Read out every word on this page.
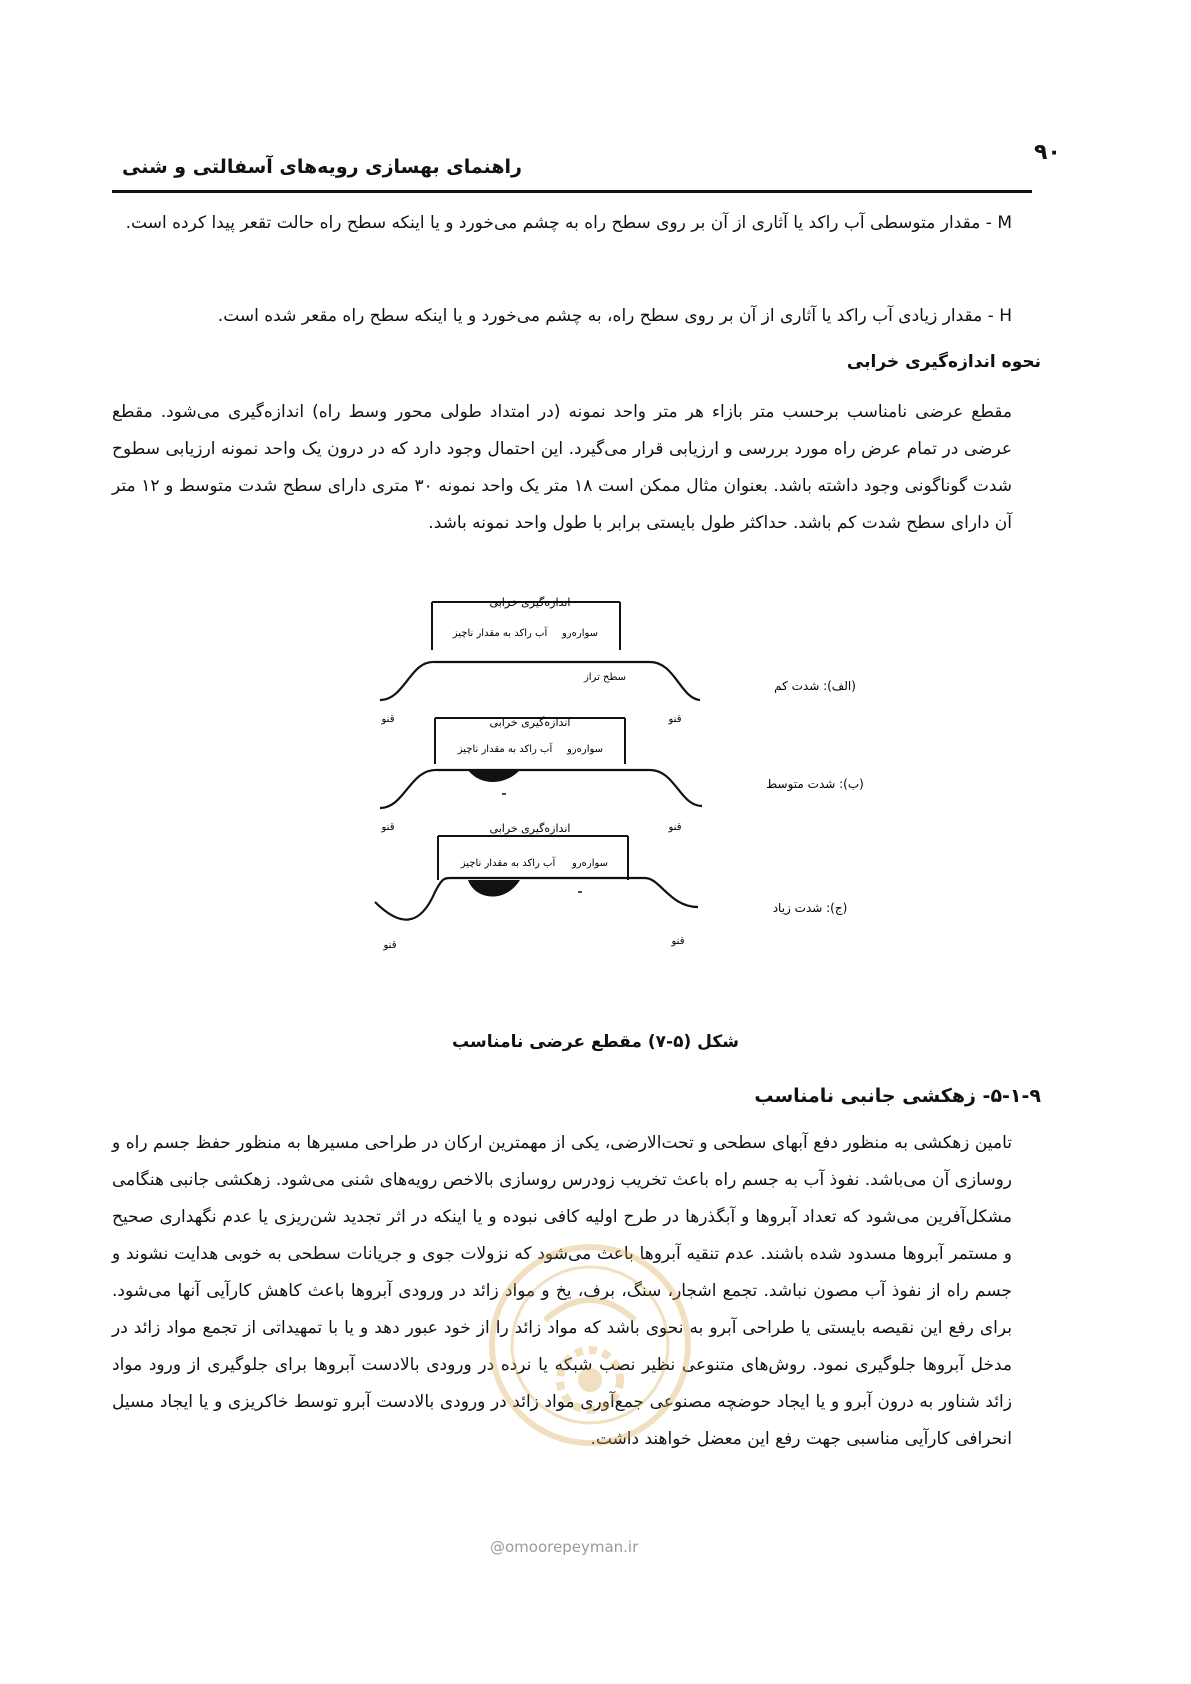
۹۰
راهنمای بهسازی رویه‌های آسفالتی و شنی
M - مقدار متوسطی آب راکد یا آثاری از آن بر روی سطح راه به چشم می‌خورد و یا اینکه سطح راه حالت تقعر پیدا کرده است.
H - مقدار زیادی آب راکد یا آثاری از آن بر روی سطح راه، به چشم می‌خورد و یا اینکه سطح راه مقعر شده است.
نحوه اندازه‌گیری خرابی
مقطع عرضی نامناسب برحسب متر بازاء هر متر واحد نمونه (در امتداد طولی محور وسط راه) اندازه‌گیری می‌شود. مقطع عرضی در تمام عرض راه مورد بررسی و ارزیابی قرار می‌گیرد. این احتمال وجود دارد که در درون یک واحد نمونه ارزیابی سطوح شدت گوناگونی وجود داشته باشد. بعنوان مثال ممکن است ۱۸ متر یک واحد نمونه ۳۰ متری دارای سطح شدت متوسط و ۱۲ متر آن دارای سطح شدت کم باشد. حداکثر طول بایستی برابر با طول واحد نمونه باشد.
اندازه‌گیری خرابی
سواره‌رو
آب راکد به مقدار ناچیز
سطح تراز
قنو	قنو
(الف): شدت کم
اندازه‌گیری خرابی
سواره‌رو
آب راکد به مقدار ناچیز
قنو	قنو
(ب): شدت متوسط
اندازه‌گیری خرابی
سواره‌رو
آب راکد به مقدار ناچیز
قنو	قنو
(ج): شدت زیاد
شکل (۵-۷) مقطع عرضی نامناسب
۵-۱-۹- زهکشی جانبی نامناسب
تامین زهکشی به منظور دفع آبهای سطحی و تحت‌الارضی، یکی از مهمترین ارکان در طراحی مسیرها به منظور حفظ جسم راه و روسازی آن می‌باشد. نفوذ آب به جسم راه باعث تخریب زودرس روسازی بالاخص رویه‌های شنی می‌شود. زهکشی جانبی هنگامی مشکل‌آفرین می‌شود که تعداد آبروها و آبگذرها در طرح اولیه کافی نبوده و یا اینکه در اثر تجدید شن‌ریزی یا عدم نگهداری صحیح و مستمر آبروها مسدود شده باشند. عدم تنقیه آبروها باعث می‌شود که نزولات جوی و جریانات سطحی به خوبی هدایت نشوند و جسم راه از نفوذ آب مصون نباشد. تجمع اشجار، سنگ، برف، یخ و مواد زائد در ورودی آبروها باعث کاهش کارآیی آنها می‌شود. برای رفع این نقیصه بایستی یا طراحی آبرو به نحوی باشد که مواد زائد را از خود عبور دهد و یا با تمهیداتی از تجمع مواد زائد در مدخل آبروها جلوگیری نمود. روش‌های متنوعی نظیر نصب شبکه یا نرده در ورودی بالادست آبروها برای جلوگیری از ورود مواد زائد شناور به درون آبرو و یا ایجاد حوضچه مصنوعی جمع‌آوری مواد زائد در ورودی بالادست آبرو توسط خاکریزی و یا ایجاد مسیل انحرافی کارآیی مناسبی جهت رفع این معضل خواهند داشت.
@omoorepeyman.ir
